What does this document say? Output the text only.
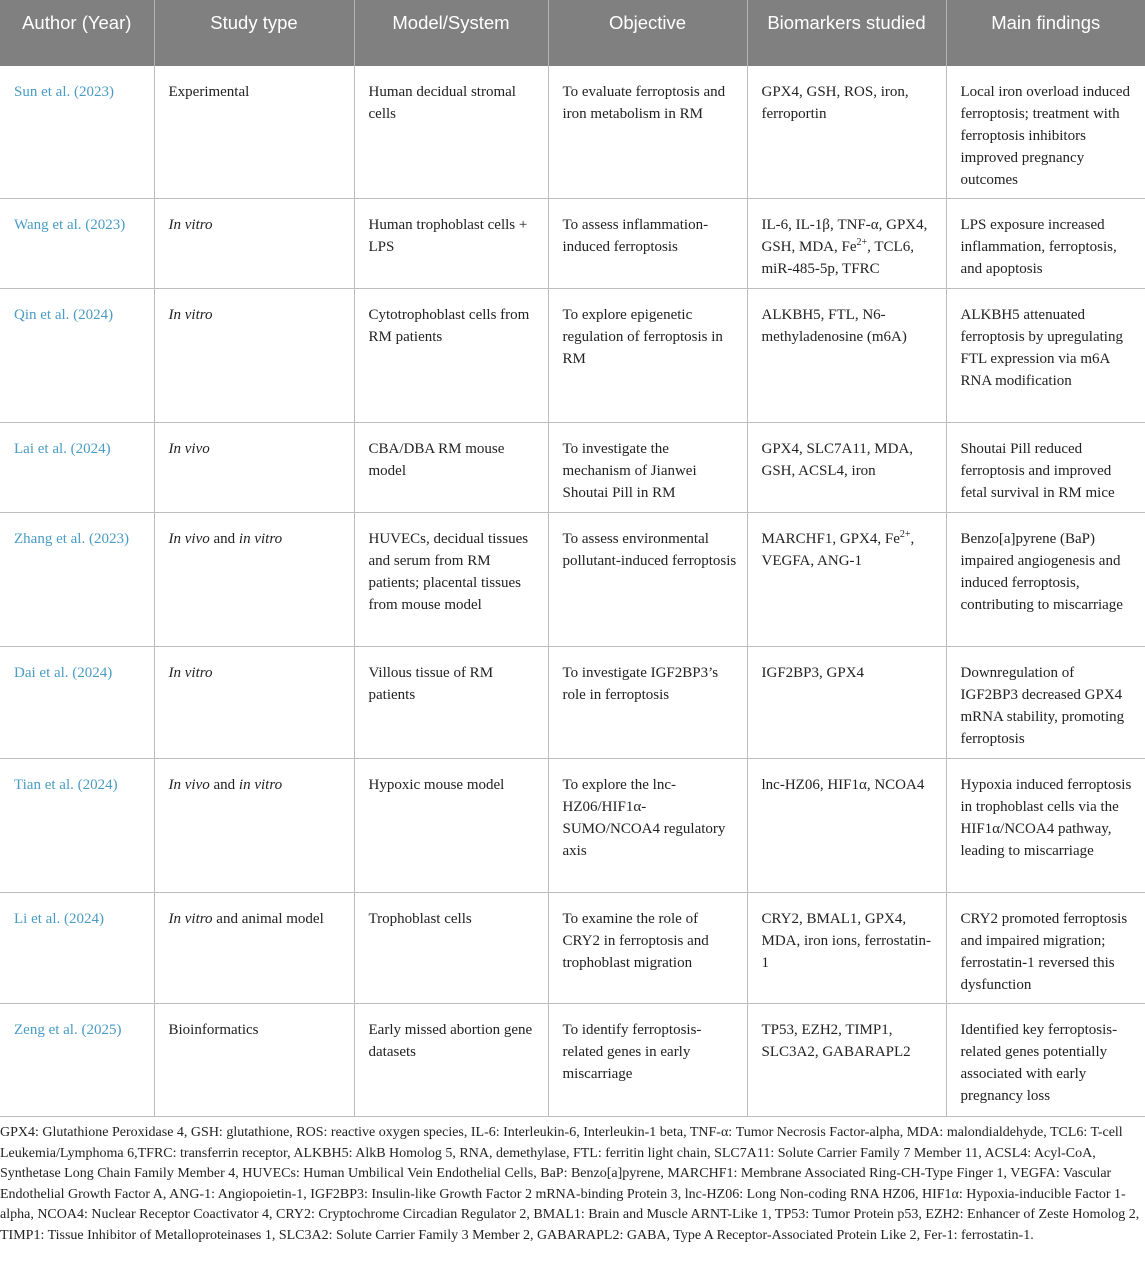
Author (Year)	Study type	Model/System	Objective	Biomarkers studied	Main findings
Sun et al. (2023)	Experimental	Human decidual stromal cells	To evaluate ferroptosis and iron metabolism in RM	GPX4, GSH, ROS, iron, ferroportin	Local iron overload induced ferroptosis; treatment with ferroptosis inhibitors improved pregnancy outcomes
Wang et al. (2023)	In vitro	Human trophoblast cells + LPS	To assess inflammation-induced ferroptosis	IL-6, IL-1β, TNF-α, GPX4, GSH, MDA, $Fe^{2+}$, TCL6, miR-485-5p, TFRC	LPS exposure increased inflammation, ferroptosis, and apoptosis
Qin et al. (2024)	In vitro	Cytotrophoblast cells from RM patients	To explore epigenetic regulation of ferroptosis in RM	ALKBH5, FTL, N6-methyladenosine (m6A)	ALKBH5 attenuated ferroptosis by upregulating FTL expression via m6A RNA modification
Lai et al. (2024)	In vivo	CBA/DBA RM mouse model	To investigate the mechanism of Jianwei Shoutai Pill in RM	GPX4, SLC7A11, MDA, GSH, ACSL4, iron	Shoutai Pill reduced ferroptosis and improved fetal survival in RM mice
Zhang et al. (2023)	In vivo and in vitro	HUVECs, decidual tissues and serum from RM patients; placental tissues from mouse model	To assess environmental pollutant-induced ferroptosis	MARCHF1, GPX4, $Fe^{2+}$, VEGFA, ANG-1	Benzo[a]pyrene (BaP) impaired angiogenesis and induced ferroptosis, contributing to miscarriage
Dai et al. (2024)	In vitro	Villous tissue of RM patients	To investigate IGF2BP3’s role in ferroptosis	IGF2BP3, GPX4	Downregulation of IGF2BP3 decreased GPX4 mRNA stability, promoting ferroptosis
Tian et al. (2024)	In vivo and in vitro	Hypoxic mouse model	To explore the lnc-HZ06/HIF1α-SUMO/NCOA4 regulatory axis	lnc-HZ06, HIF1α, NCOA4	Hypoxia induced ferroptosis in trophoblast cells via the HIF1α/NCOA4 pathway, leading to miscarriage
Li et al. (2024)	In vitro and animal model	Trophoblast cells	To examine the role of CRY2 in ferroptosis and trophoblast migration	CRY2, BMAL1, GPX4, MDA, iron ions, ferrostatin-1	CRY2 promoted ferroptosis and impaired migration; ferrostatin-1 reversed this dysfunction
Zeng et al. (2025)	Bioinformatics	Early missed abortion gene datasets	To identify ferroptosis-related genes in early miscarriage	TP53, EZH2, TIMP1, SLC3A2, GABARAPL2	Identified key ferroptosis-related genes potentially associated with early pregnancy loss
GPX4: Glutathione Peroxidase 4, GSH: glutathione, ROS: reactive oxygen species, IL-6: Interleukin-6, Interleukin-1 beta, TNF-α: Tumor Necrosis Factor-alpha, MDA: malondialdehyde, TCL6: T-cell Leukemia/Lymphoma 6,TFRC: transferrin receptor, ALKBH5: AlkB Homolog 5, RNA, demethylase, FTL: ferritin light chain, SLC7A11: Solute Carrier Family 7 Member 11, ACSL4: Acyl-CoA, Synthetase Long Chain Family Member 4, HUVECs: Human Umbilical Vein Endothelial Cells, BaP: Benzo[a]pyrene, MARCHF1: Membrane Associated Ring-CH-Type Finger 1, VEGFA: Vascular Endothelial Growth Factor A, ANG-1: Angiopoietin-1, IGF2BP3: Insulin-like Growth Factor 2 mRNA-binding Protein 3, lnc-HZ06: Long Non-coding RNA HZ06, HIF1α: Hypoxia-inducible Factor 1-alpha, NCOA4: Nuclear Receptor Coactivator 4, CRY2: Cryptochrome Circadian Regulator 2, BMAL1: Brain and Muscle ARNT-Like 1, TP53: Tumor Protein p53, EZH2: Enhancer of Zeste Homolog 2, TIMP1: Tissue Inhibitor of Metalloproteinases 1, SLC3A2: Solute Carrier Family 3 Member 2, GABARAPL2: GABA, Type A Receptor-Associated Protein Like 2, Fer-1: ferrostatin-1.
